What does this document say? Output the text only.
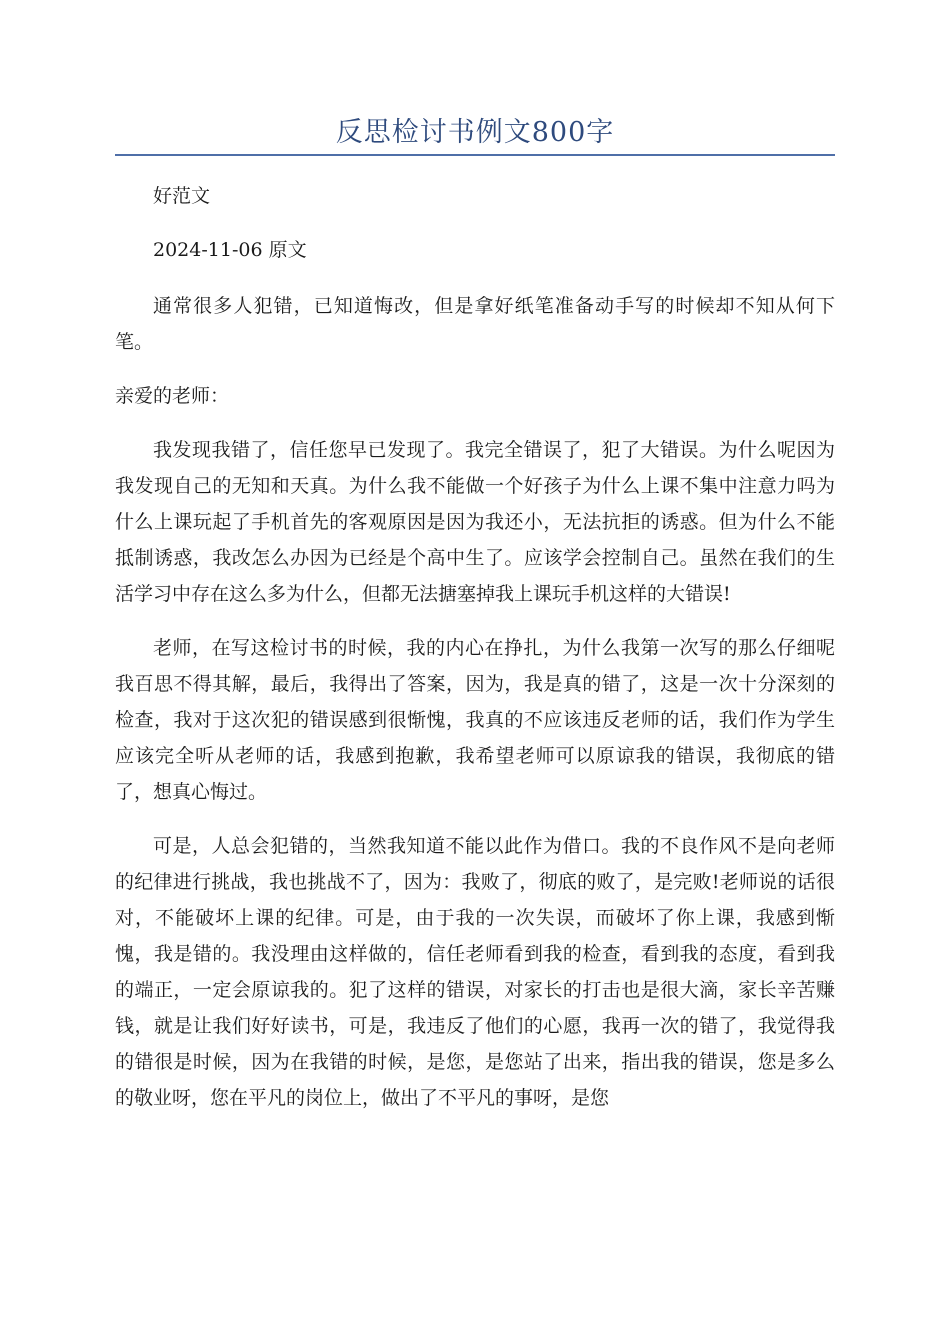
反思检讨书例文800字

好范文

2024-11-06 原文

通常很多人犯错，已知道悔改，但是拿好纸笔准备动手写的时候却不知从何下笔。

亲爱的老师：

我发现我错了，信任您早已发现了。我完全错误了，犯了大错误。为什么呢因为我发现自己的无知和天真。为什么我不能做一个好孩子为什么上课不集中注意力吗为什么上课玩起了手机首先的客观原因是因为我还小，无法抗拒的诱惑。但为什么不能抵制诱惑，我改怎么办因为已经是个高中生了。应该学会控制自己。虽然在我们的生活学习中存在这么多为什么，但都无法搪塞掉我上课玩手机这样的大错误!

老师，在写这检讨书的时候，我的内心在挣扎，为什么我第一次写的那么仔细呢我百思不得其解，最后，我得出了答案，因为，我是真的错了，这是一次十分深刻的检查，我对于这次犯的错误感到很惭愧，我真的不应该违反老师的话，我们作为学生应该完全听从老师的话，我感到抱歉，我希望老师可以原谅我的错误，我彻底的错了，想真心悔过。

可是，人总会犯错的，当然我知道不能以此作为借口。我的不良作风不是向老师的纪律进行挑战，我也挑战不了，因为：我败了，彻底的败了，是完败!老师说的话很对，不能破坏上课的纪律。可是，由于我的一次失误，而破坏了你上课，我感到惭愧，我是错的。我没理由这样做的，信任老师看到我的检查，看到我的态度，看到我的端正，一定会原谅我的。犯了这样的错误，对家长的打击也是很大滴，家长辛苦赚钱，就是让我们好好读书，可是，我违反了他们的心愿，我再一次的错了，我觉得我的错很是时候，因为在我错的时候，是您，是您站了出来，指出我的错误，您是多么的敬业呀，您在平凡的岗位上，做出了不平凡的事呀，是您
